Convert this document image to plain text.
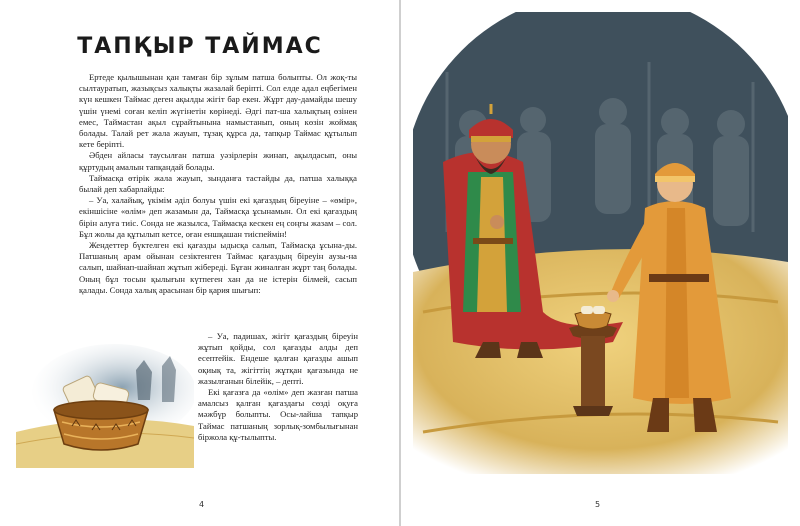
ТАПҚЫР ТАЙМАС

Ертеде қылышынан қан тамған бір зұлым патша болыпты. Ол жоқ-ты сылтауратып, жазықсыз халықты жазалай беріпті. Сол елде адал еңбегімен күн кешкен Таймас деген ақылды жігіт бар екен. Жұрт дау-дамайды шешу үшін үнемі соған келіп жүгінетін көрінеді. Әдгі пат-ша халықтың өзінен емес, Таймастан ақыл сұрайтынына намыстанып, оның көзін жоймақ болады. Талай рет жала жауып, тұзақ құрса да, тапқыр Таймас құтылып кете беріпті.

Әбден айласы таусылған патша уәзірлерін жинап, ақылдасып, оны құртудың амалын тапқандай болады.

Таймасқа өтірік жала жауып, зынданға тастайды да, патша халыққа былай деп хабарлайды:

– Уа, халайық, үкімім әділ болуы үшін екі қағаздың біреуіне – «өмір», екіншісіне «өлім» деп жазамын да, Таймасқа ұсынамын. Ол екі қағаздың бірін алуға тиіс. Сонда не жазылса, Таймасқа кескен ең соңғы жазам – сол. Бұл жолы да құтылып кетсе, оған еншқашан тиіспеймін!

Жендеттер бүктелген екі қағазды ыдысқа салып, Таймасқа ұсына-ды. Патшаның арам ойынан сезіктенген Таймас қағаздың біреуін аузы-на салып, шайнап-шайнап жұтып жібереді. Бұған жиналған жұрт таң болады. Оның бұл тосын қылығын күтпеген хан да не істерін білмей, сасып қалады. Сонда халық арасынан бір қария шығып:

– Уа, падишах, жігіт қағаздың біреуін жұтып қойды, сол қағазды алды деп есептейік. Ендеше қалған қағазды ашып оқиық та, жігіттің жұтқан қағазында не жазылғанын білейік, – депті.

Екі қағазға да «өлім» деп жазған патша амалсыз қалған қағаздағы сөзді оқуға мәжбүр болыпты. Осы-лайша тапқыр Таймас патшаның зорлық-зомбылығынан біржола құ-тылыпты.

4	5
